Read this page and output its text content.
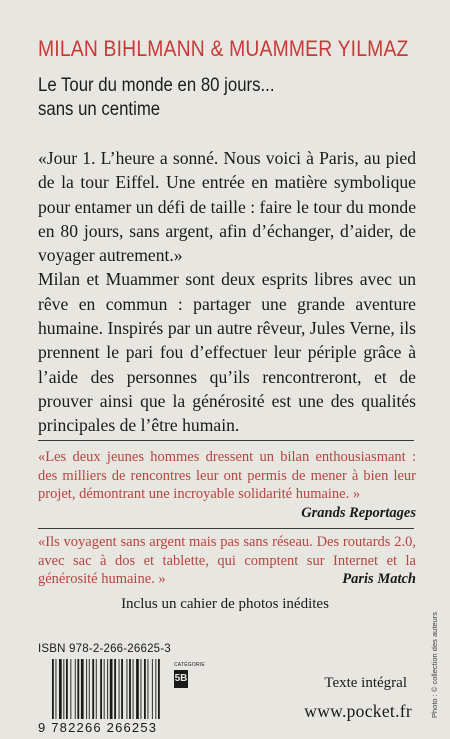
MILAN BIHLMANN & MUAMMER YILMAZ
Le Tour du monde en 80 jours...
sans un centime

«Jour 1. L’heure a sonné. Nous voici à Paris, au pied de la tour Eiffel. Une entrée en matière symbolique pour entamer un défi de taille : faire le tour du monde en 80 jours, sans argent, afin d’échanger, d’aider, de voyager autrement.»

Milan et Muammer sont deux esprits libres avec un rêve en commun : partager une grande aventure humaine. Inspirés par un autre rêveur, Jules Verne, ils prennent le pari fou d’effectuer leur périple grâce à l’aide des personnes qu’ils rencontreront, et de prouver ainsi que la générosité est une des qualités principales de l’être humain.

«Les deux jeunes hommes dressent un bilan enthousiasmant : des milliers de rencontres leur ont permis de mener à bien leur projet, démontrant une incroyable solidarité humaine. »
Grands Reportages
«Ils voyagent sans argent mais pas sans réseau. Des routards 2.0, avec sac à dos et tablette, qui comptent sur Internet et la générosité humaine. »	Paris Match
Inclus un cahier de photos inédites
ISBN 978-2-266-26625-3
9 782266 266253
CATÉGORIE
5B	Texte intégral
www.pocket.fr Photo : © collection des auteurs
